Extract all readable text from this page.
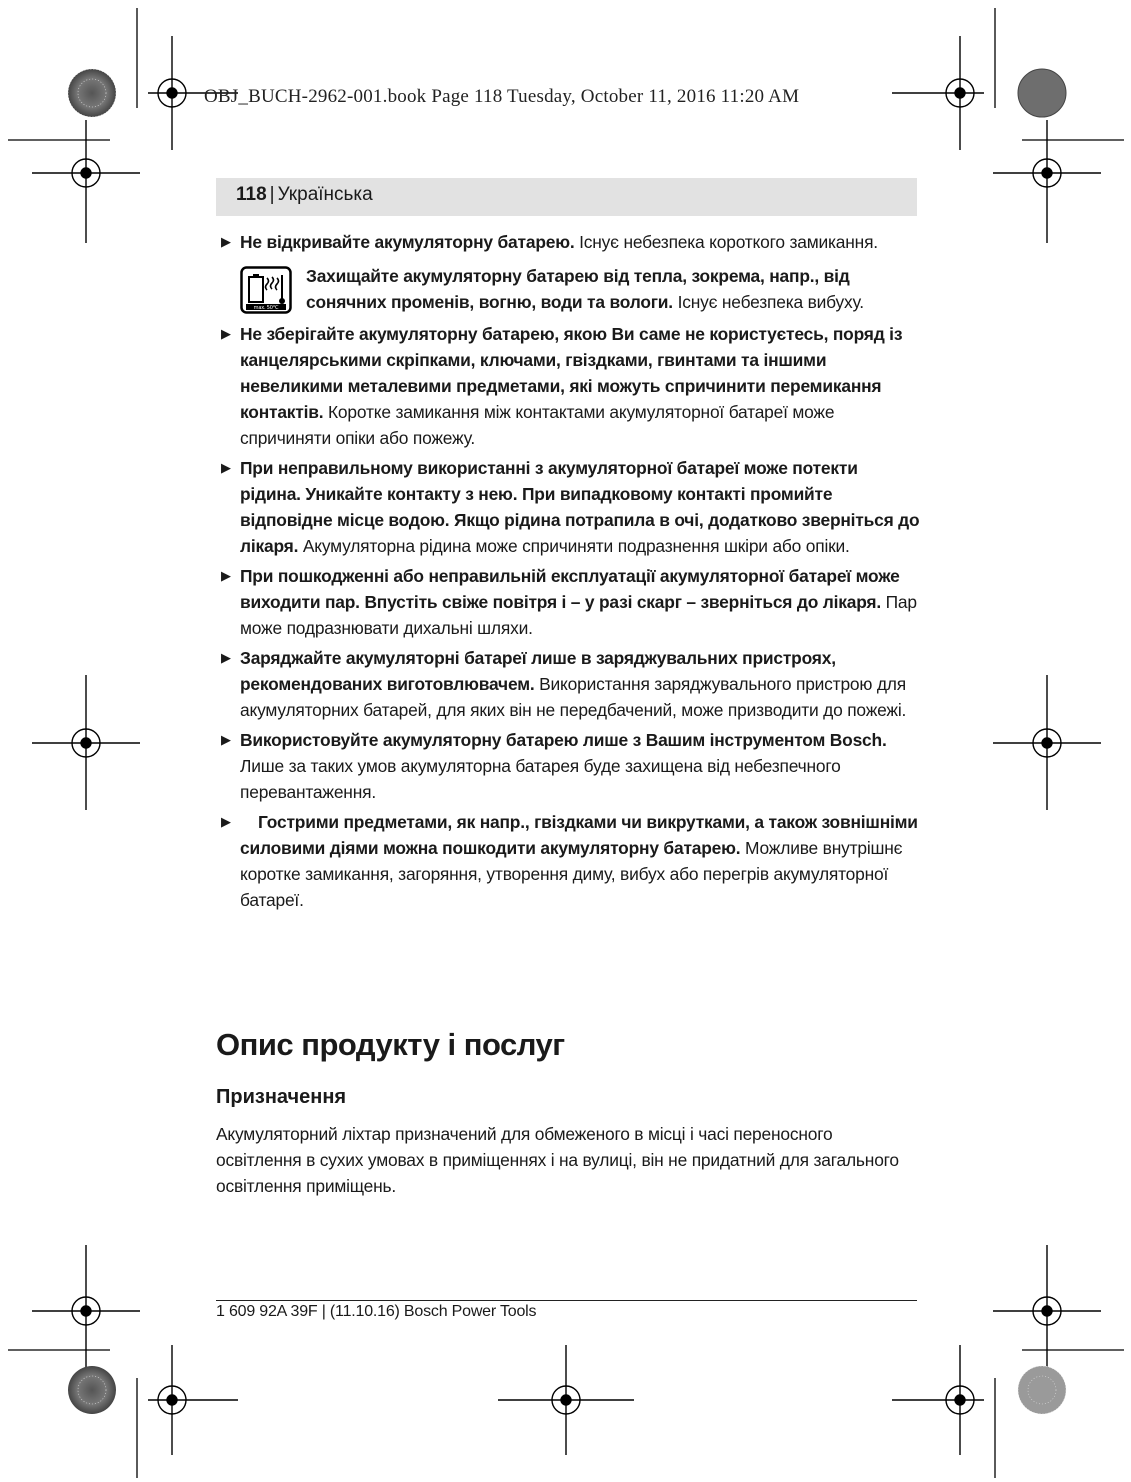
OBJ_BUCH-2962-001.book Page 118 Tuesday, October 11, 2016 11:20 AM
118 | Українська
▶ Не відкривайте акумуляторну батарею. Існує небезпека короткого замикання.
max. 50°C
Захищайте акумуляторну батарею від тепла, зокрема, напр., від сонячних променів, вогню, води та вологи. Існує небезпека вибуху.
▶ Не зберігайте акумуляторну батарею, якою Ви саме не користуєтесь, поряд із канцелярськими скріпками, ключами, гвіздками, гвинтами та іншими невеликими металевими предметами, які можуть спричинити перемикання контактів. Коротке замикання між контактами акумуляторної батареї може спричиняти опіки або пожежу.
▶ При неправильному використанні з акумуляторної батареї може потекти рідина. Уникайте контакту з нею. При випадковому контакті промийте відповідне місце водою. Якщо рідина потрапила в очі, додатково зверніться до лікаря. Акумуляторна рідина може спричиняти подразнення шкіри або опіки.
▶ При пошкодженні або неправильній експлуатації акумуляторної батареї може виходити пар. Впустіть свіже повітря і – у разі скарг – зверніться до лікаря. Пар може подразнювати дихальні шляхи.
▶ Заряджайте акумуляторні батареї лише в заряджувальних пристроях, рекомендованих виготовлювачем. Використання заряджувального пристрою для акумуляторних батарей, для яких він не передбачений, може призводити до пожежі.
▶ Використовуйте акумуляторну батарею лише з Вашим інструментом Bosch. Лише за таких умов акумуляторна батарея буде захищена від небезпечного перевантаження.
▶ Гострими предметами, як напр., гвіздками чи викрутками, а також зовнішніми силовими діями можна пошкодити акумуляторну батарею. Можливе внутрішнє коротке замикання, загоряння, утворення диму, вибух або перегрів акумуляторної батареї.
Опис продукту і послуг
Призначення
Акумуляторний ліхтар призначений для обмеженого в місці і часі переносного освітлення в сухих умовах в приміщеннях і на вулиці, він не придатний для загального освітлення приміщень.
1 609 92A 39F | (11.10.16) Bosch Power Tools
